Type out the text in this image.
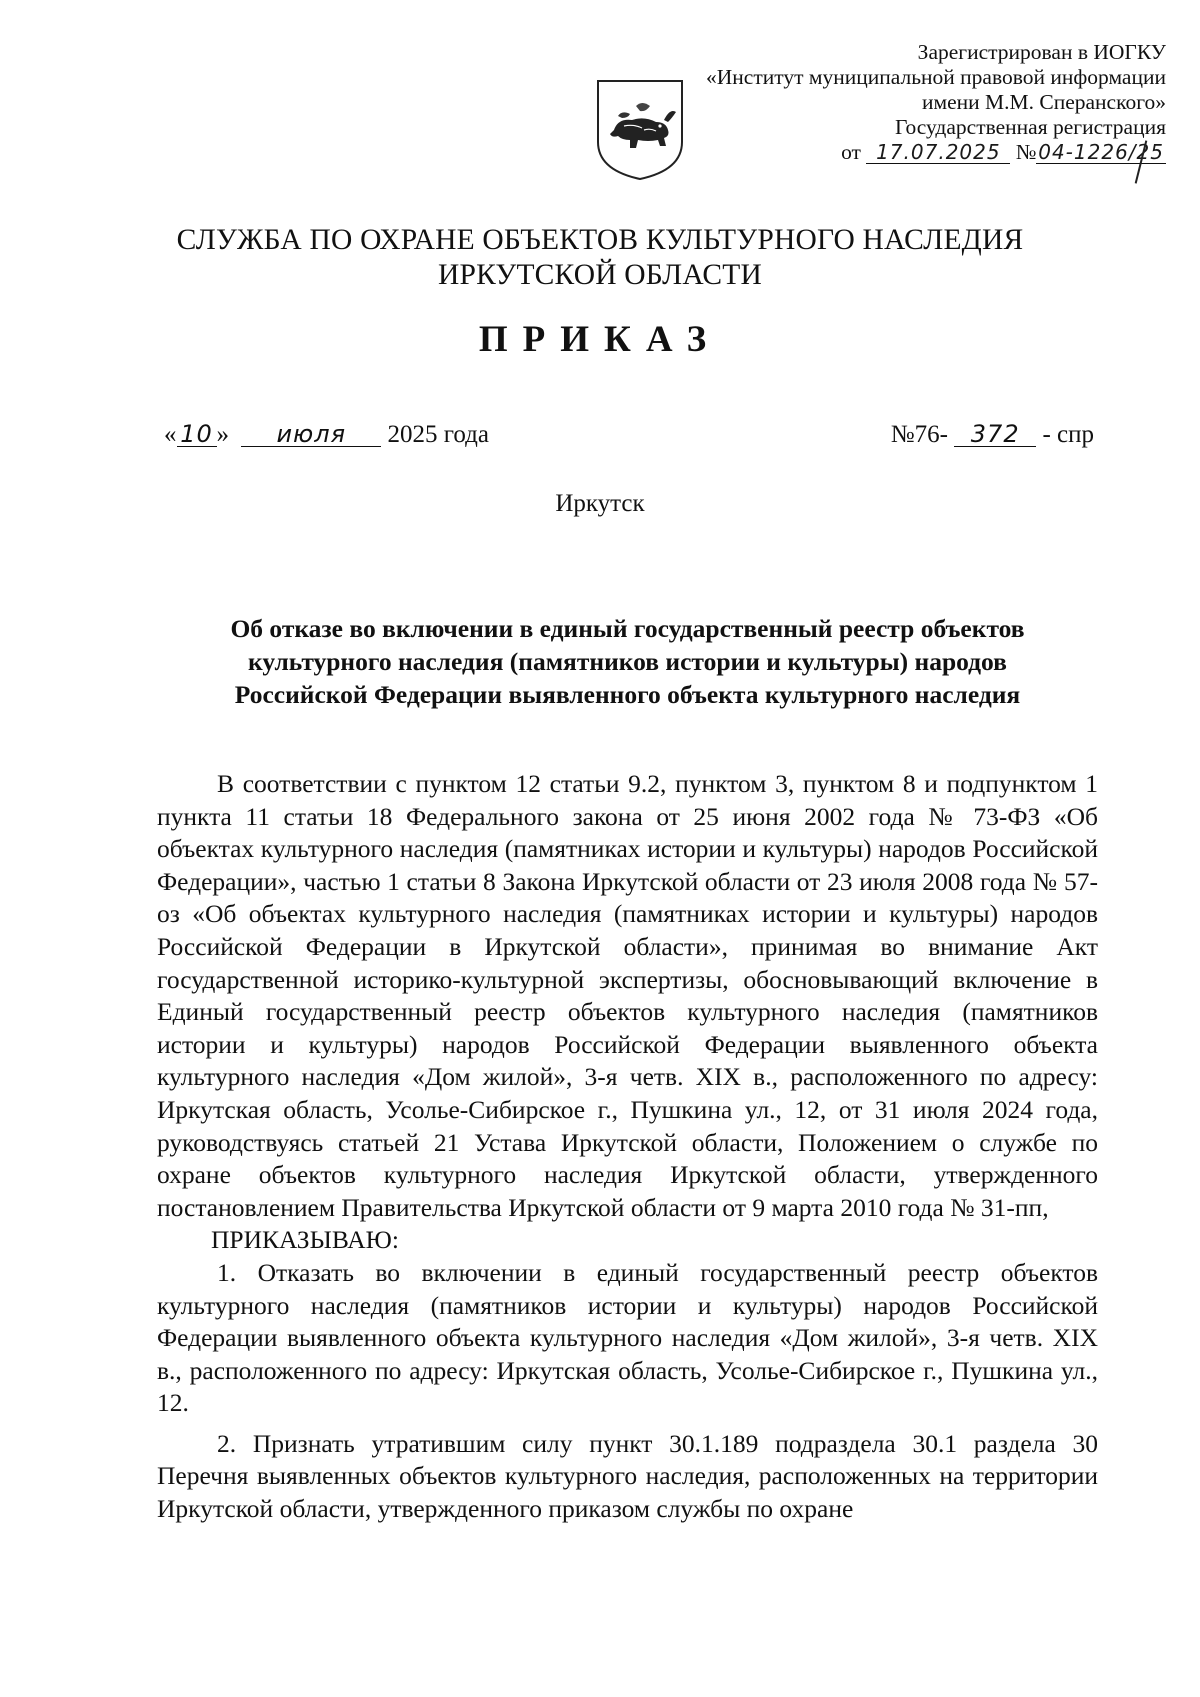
Зарегистрирован в ИОГКУ
«Институт муниципальной правовой информации
имени М.М. Сперанского»
Государственная регистрация
от 17.07.2025 № 04-1226/25
СЛУЖБА ПО ОХРАНЕ ОБЪЕКТОВ КУЛЬТУРНОГО НАСЛЕДИЯ
ИРКУТСКОЙ ОБЛАСТИ
ПРИКАЗ
« 10 » июля 2025 года	№76- 372 - спр
Иркутск
Об отказе во включении в единый государственный реестр объектов
культурного наследия (памятников истории и культуры) народов
Российской Федерации выявленного объекта культурного наследия

В соответствии с пунктом 12 статьи 9.2, пунктом 3, пунктом 8 и подпунктом 1 пункта 11 статьи 18 Федерального закона от 25 июня 2002 года № 73-ФЗ «Об объектах культурного наследия (памятниках истории и культуры) народов Российской Федерации», частью 1 статьи 8 Закона Иркутской области от 23 июля 2008 года № 57-оз «Об объектах культурного наследия (памятниках истории и культуры) народов Российской Федерации в Иркутской области», принимая во внимание Акт государственной историко-культурной экспертизы, обосновывающий включение в Единый государственный реестр объектов культурного наследия (памятников истории и культуры) народов Российской Федерации выявленного объекта культурного наследия «Дом жилой», 3-я четв. XIX в., расположенного по адресу: Иркутская область, Усолье-Сибирское г., Пушкина ул., 12, от 31 июля 2024 года, руководствуясь статьей 21 Устава Иркутской области, Положением о службе по охране объектов культурного наследия Иркутской области, утвержденного постановлением Правительства Иркутской области от 9 марта 2010 года № 31-пп,

ПРИКАЗЫВАЮ:

1. Отказать во включении в единый государственный реестр объектов культурного наследия (памятников истории и культуры) народов Российской Федерации выявленного объекта культурного наследия «Дом жилой», 3-я четв. XIX в., расположенного по адресу: Иркутская область, Усолье-Сибирское г., Пушкина ул., 12.

2. Признать утратившим силу пункт 30.1.189 подраздела 30.1 раздела 30 Перечня выявленных объектов культурного наследия, расположенных на территории Иркутской области, утвержденного приказом службы по охране
